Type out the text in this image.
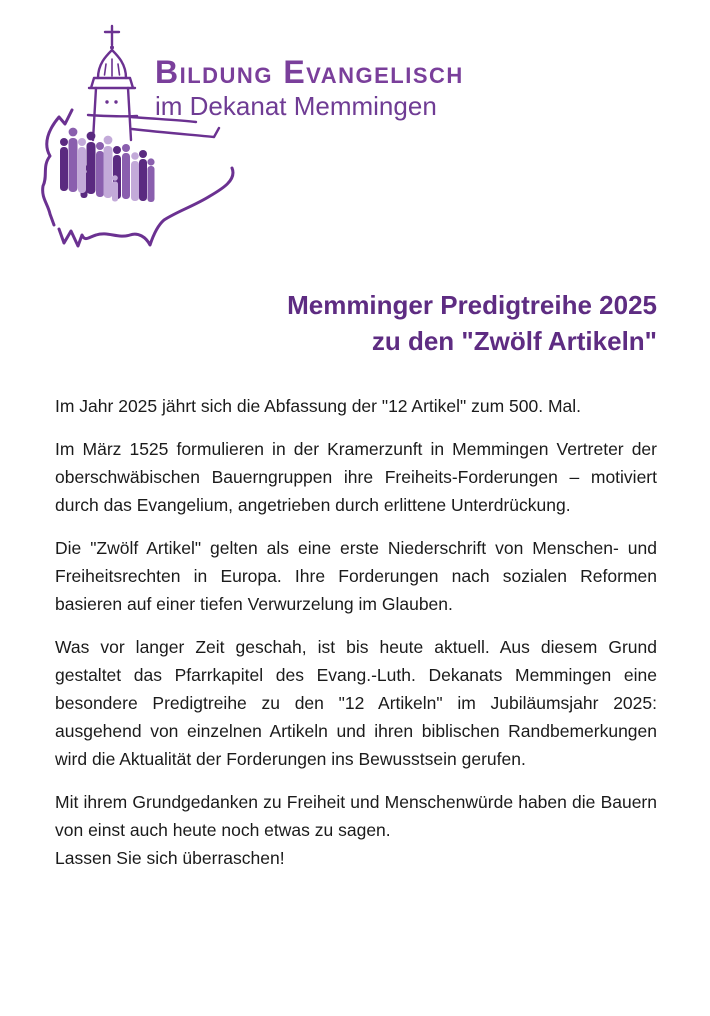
Bildung Evangelisch
im Dekanat Memmingen
Memminger Predigtreihe 2025
zu den "Zwölf Artikeln"

Im Jahr 2025 jährt sich die Abfassung der "12 Artikel" zum 500. Mal.

Im März 1525 formulieren in der Kramerzunft in Memmingen Vertreter der oberschwäbischen Bauerngruppen ihre Freiheits-Forderungen – motiviert durch das Evangelium, angetrieben durch erlittene Unterdrückung.

Die "Zwölf Artikel" gelten als eine erste Niederschrift von Menschen- und Freiheitsrechten in Europa. Ihre Forderungen nach sozialen Reformen basieren auf einer tiefen Verwurzelung im Glauben.

Was vor langer Zeit geschah, ist bis heute aktuell. Aus diesem Grund gestaltet das Pfarrkapitel des Evang.-Luth. Dekanats Memmingen eine besondere Predigtreihe zu den "12 Artikeln" im Jubiläumsjahr 2025: ausgehend von einzelnen Artikeln und ihren biblischen Randbemerkungen wird die Aktualität der Forderungen ins Bewusstsein gerufen.

Mit ihrem Grundgedanken zu Freiheit und Menschenwürde haben die Bauern von einst auch heute noch etwas zu sagen.
Lassen Sie sich überraschen!
